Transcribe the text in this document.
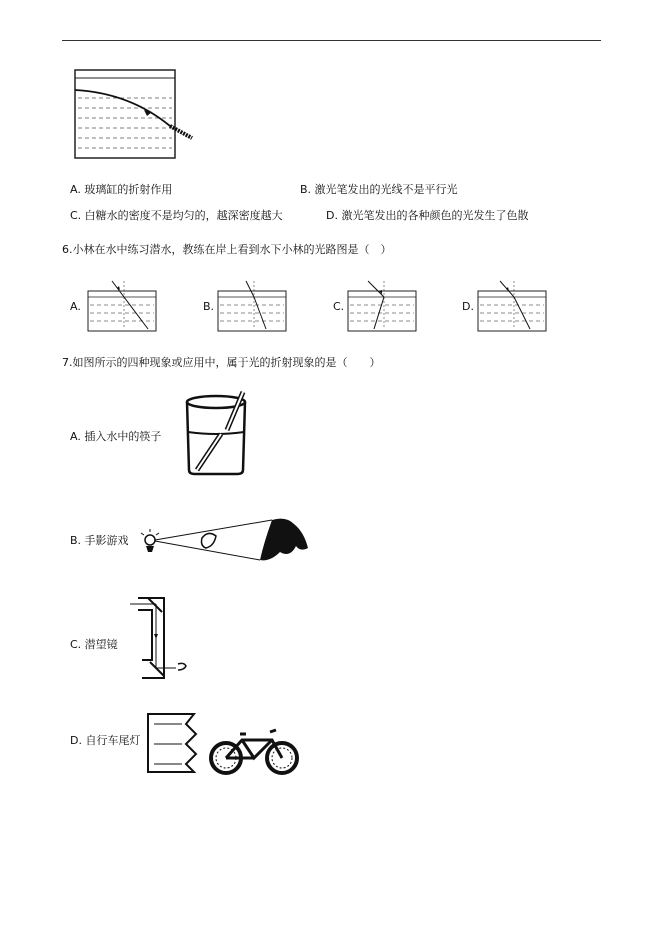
A. 玻璃缸的折射作用	B. 激光笔发出的光线不是平行光
C. 白糖水的密度不是均匀的，越深密度越大	D. 激光笔发出的各种颜色的光发生了色散
6.小林在水中练习潜水，教练在岸上看到水下小林的光路图是（　）
A.	B.	C.	D.
7.如图所示的四种现象或应用中，属于光的折射现象的是（　　）
A. 插入水中的筷子
B. 手影游戏
C. 潜望镜
D. 自行车尾灯
